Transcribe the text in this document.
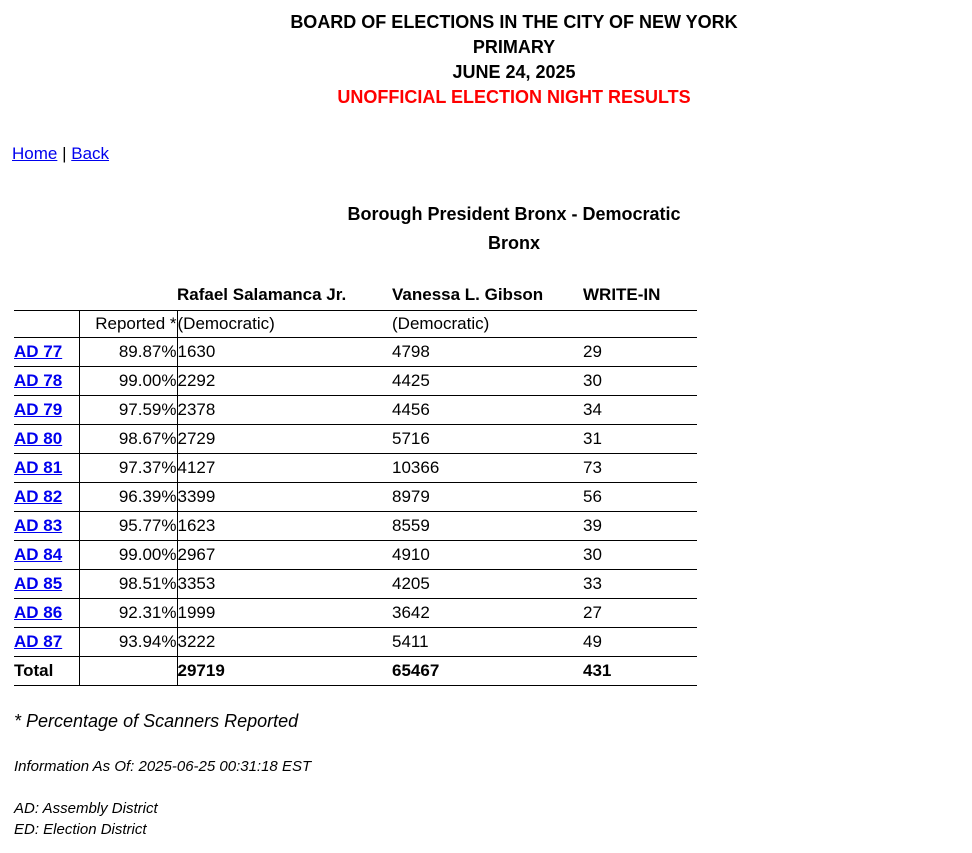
BOARD OF ELECTIONS IN THE CITY OF NEW YORK
PRIMARY
JUNE 24, 2025
UNOFFICIAL ELECTION NIGHT RESULTS
Home | Back
Borough President Bronx - Democratic
Bronx
		Rafael Salamanca Jr.	Vanessa L. Gibson	WRITE-IN
	Reported *	(Democratic)	(Democratic)	
AD 77	89.87%	1630	4798	29
AD 78	99.00%	2292	4425	30
AD 79	97.59%	2378	4456	34
AD 80	98.67%	2729	5716	31
AD 81	97.37%	4127	10366	73
AD 82	96.39%	3399	8979	56
AD 83	95.77%	1623	8559	39
AD 84	99.00%	2967	4910	30
AD 85	98.51%	3353	4205	33
AD 86	92.31%	1999	3642	27
AD 87	93.94%	3222	5411	49
Total		29719	65467	431
* Percentage of Scanners Reported
Information As Of: 2025-06-25 00:31:18 EST
AD: Assembly District
ED: Election District
